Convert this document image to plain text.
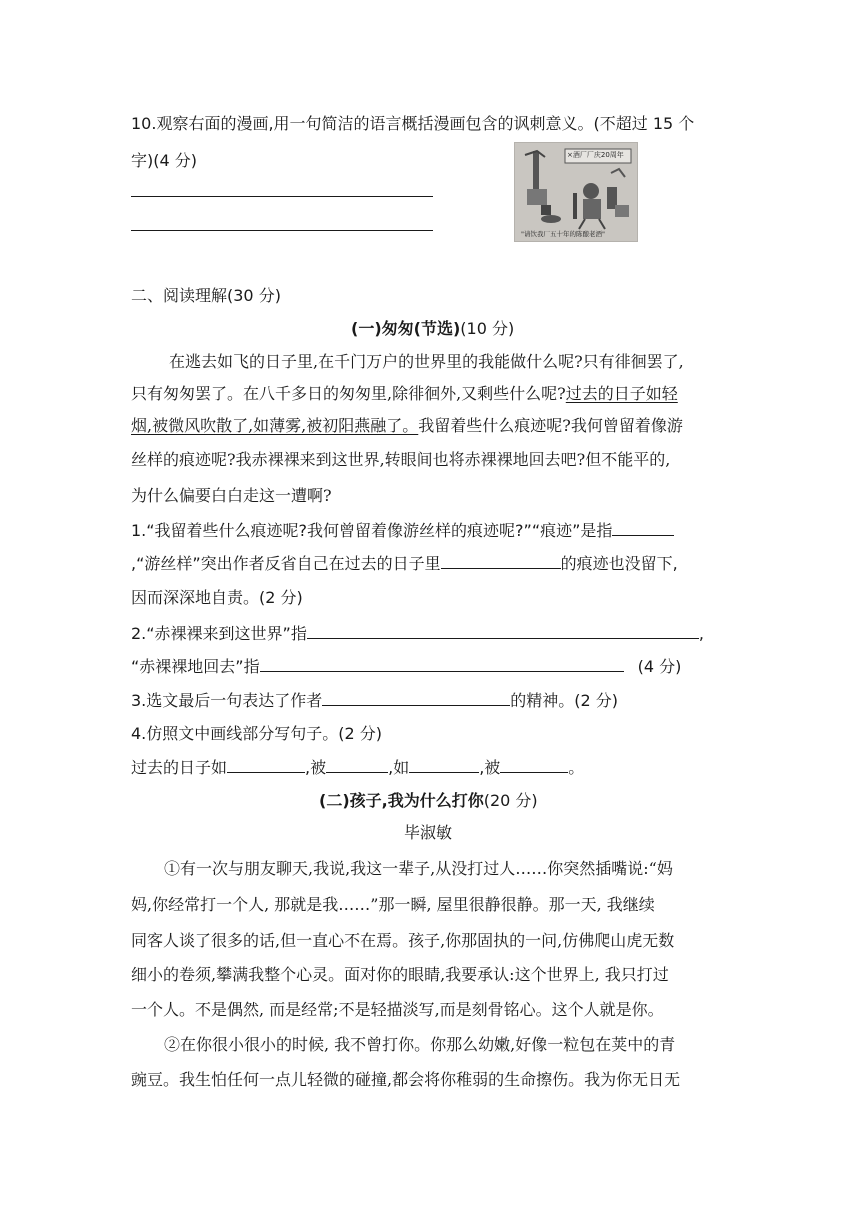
10.观察右面的漫画,用一句简洁的语言概括漫画包含的讽刺意义。(不超过 15 个
字)(4 分)	×酒厂厂庆20周年
"请饮我厂五十年的陈酿老酒"
二、阅读理解(30 分)
(一)匆匆(节选)(10 分)
在逃去如飞的日子里,在千门万户的世界里的我能做什么呢?只有徘徊罢了,
只有匆匆罢了。在八千多日的匆匆里,除徘徊外,又剩些什么呢?过去的日子如轻
烟,被微风吹散了,如薄雾,被初阳燕融了。我留着些什么痕迹呢?我何曾留着像游
丝样的痕迹呢?我赤裸裸来到这世界,转眼间也将赤裸裸地回去吧?但不能平的,
为什么偏要白白走这一遭啊?
1.“我留着些什么痕迹呢?我何曾留着像游丝样的痕迹呢?”“痕迹”是指
,“游丝样”突出作者反省自己在过去的日子里	的痕迹也没留下,
因而深深地自责。(2 分)
2.“赤裸裸来到这世界”指	,
“赤裸裸地回去”指	(4 分)
3.选文最后一句表达了作者	的精神。(2 分)
4.仿照文中画线部分写句子。(2 分)
过去的日子如	,被	,如	,被	。
(二)孩子,我为什么打你(20 分)
毕淑敏
①有一次与朋友聊天,我说,我这一辈子,从没打过人……你突然插嘴说:“妈
妈,你经常打一个人, 那就是我……”那一瞬, 屋里很静很静。那一天, 我继续
同客人谈了很多的话,但一直心不在焉。孩子,你那固执的一问,仿佛爬山虎无数
细小的卷须,攀满我整个心灵。面对你的眼睛,我要承认:这个世界上, 我只打过
一个人。不是偶然, 而是经常;不是轻描淡写,而是刻骨铭心。这个人就是你。
②在你很小很小的时候, 我不曾打你。你那么幼嫩,好像一粒包在荚中的青
豌豆。我生怕任何一点儿轻微的碰撞,都会将你稚弱的生命擦伤。我为你无日无
